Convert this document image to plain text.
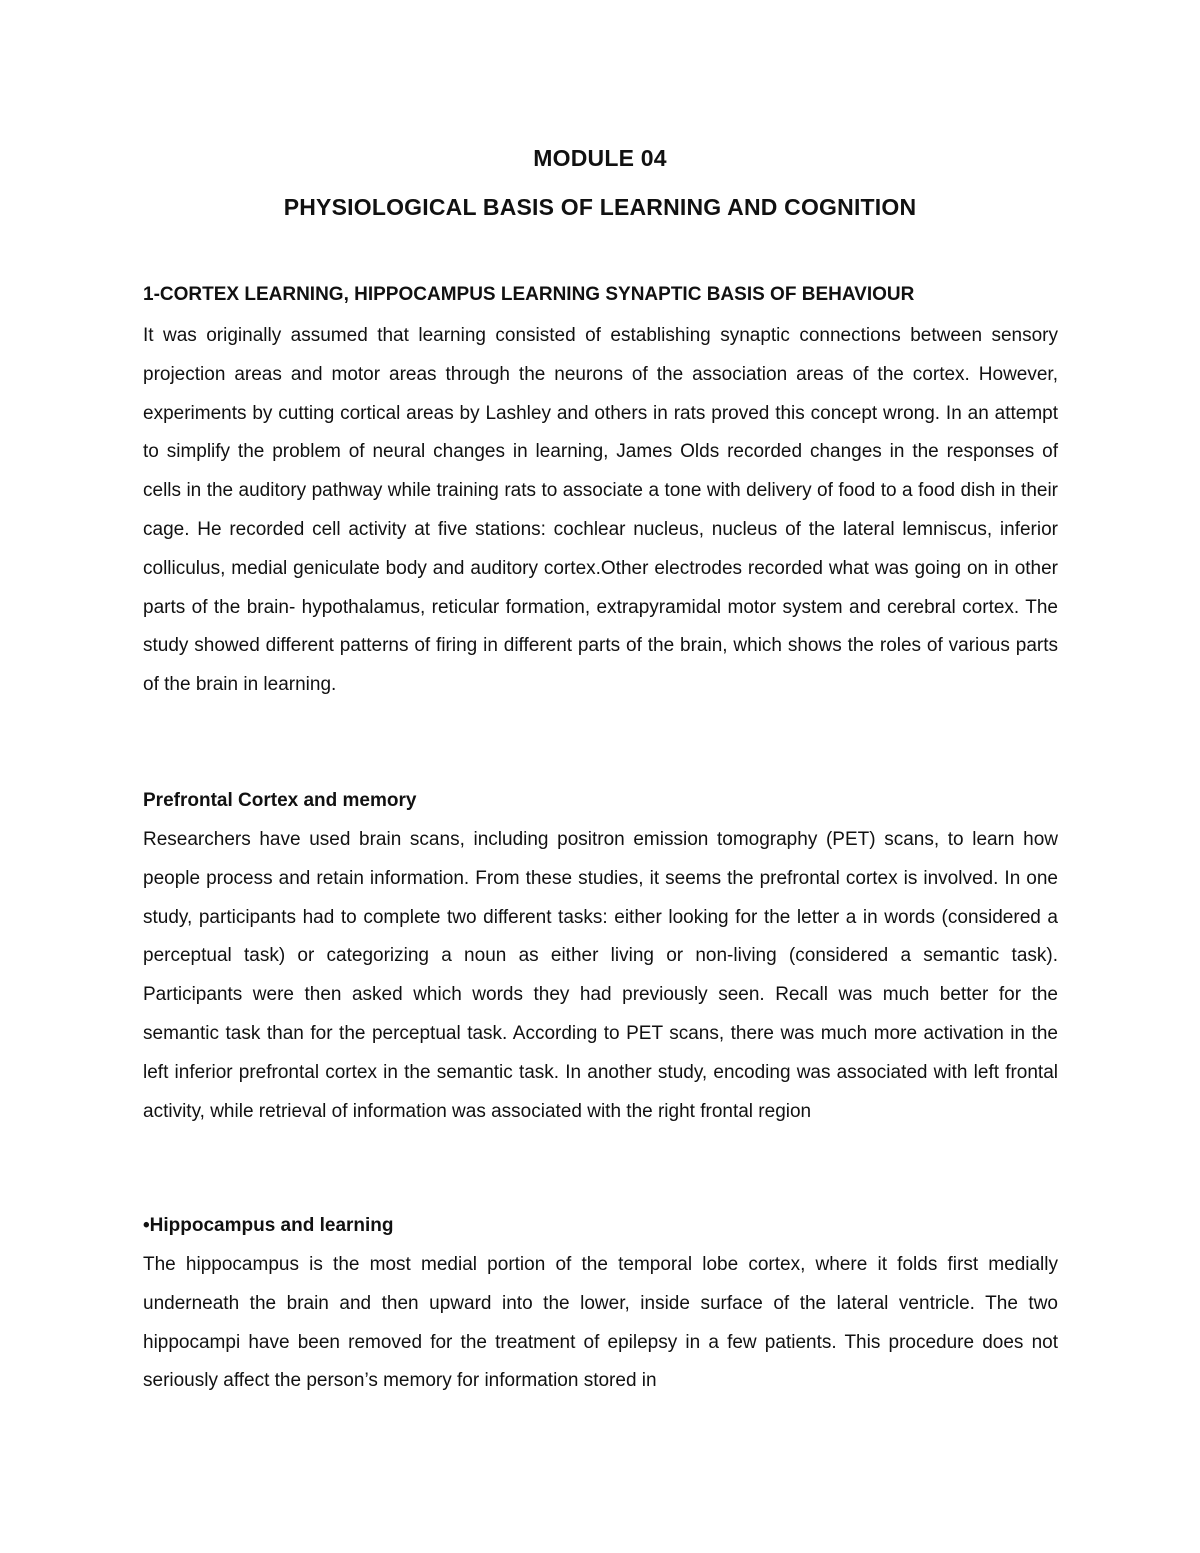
MODULE 04
PHYSIOLOGICAL BASIS OF LEARNING AND COGNITION

1-CORTEX LEARNING, HIPPOCAMPUS LEARNING SYNAPTIC BASIS OF BEHAVIOUR

It was originally assumed that learning consisted of establishing synaptic connections between sensory projection areas and motor areas through the neurons of the association areas of the cortex. However, experiments by cutting cortical areas by Lashley and others in rats proved this concept wrong. In an attempt to simplify the problem of neural changes in learning, James Olds recorded changes in the responses of cells in the auditory pathway while training rats to associate a tone with delivery of food to a food dish in their cage. He recorded cell activity at five stations: cochlear nucleus, nucleus of the lateral lemniscus, inferior colliculus, medial geniculate body and auditory cortex.Other electrodes recorded what was going on in other parts of the brain- hypothalamus, reticular formation, extrapyramidal motor system and cerebral cortex. The study showed different patterns of firing in different parts of the brain, which shows the roles of various parts of the brain in learning.

Prefrontal Cortex and memory

Researchers have used brain scans, including positron emission tomography (PET) scans, to learn how people process and retain information. From these studies, it seems the prefrontal cortex is involved. In one study, participants had to complete two different tasks: either looking for the letter a in words (considered a perceptual task) or categorizing a noun as either living or non-living (considered a semantic task). Participants were then asked which words they had previously seen. Recall was much better for the semantic task than for the perceptual task. According to PET scans, there was much more activation in the left inferior prefrontal cortex in the semantic task. In another study, encoding was associated with left frontal activity, while retrieval of information was associated with the right frontal region

•Hippocampus and learning

The hippocampus is the most medial portion of the temporal lobe cortex, where it folds first medially underneath the brain and then upward into the lower, inside surface of the lateral ventricle. The two hippocampi have been removed for the treatment of epilepsy in a few patients. This procedure does not seriously affect the person’s memory for information stored in
